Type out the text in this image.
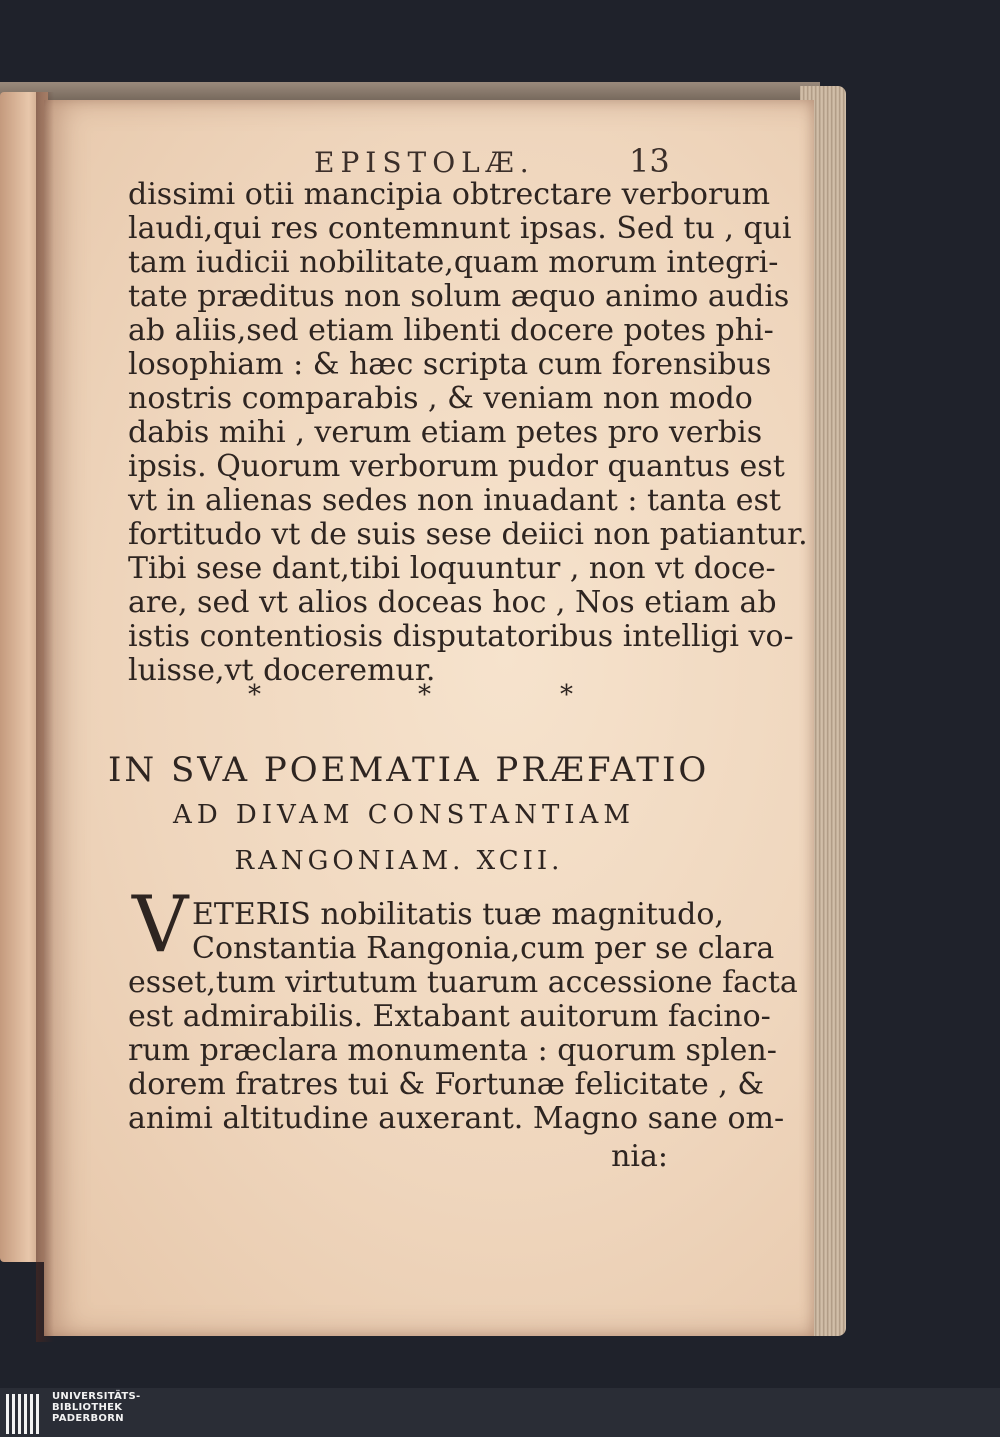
EPISTOLÆ.	13
dissimi otii mancipia obtrectare verborum
laudi,qui res contemnunt ipsas. Sed tu , qui
tam iudicii nobilitate,quam morum integri-
tate præditus non solum æquo animo audis
ab aliis,sed etiam libenti docere potes phi-
losophiam : & hæc scripta cum forensibus
nostris comparabis , & veniam non modo
dabis mihi , verum etiam petes pro verbis
ipsis. Quorum verborum pudor quantus est
vt in alienas sedes non inuadant : tanta est
fortitudo vt de suis sese deiici non patiantur.
Tibi sese dant,tibi loquuntur , non vt doce-
are, sed vt alios doceas hoc , Nos etiam ab
istis contentiosis disputatoribus intelligi vo-
luisse,vt doceremur.
*	*	*
IN SVA POEMATIA PRÆFATIO
AD DIVAM CONSTANTIAM
RANGONIAM. XCII.
V ETERIS nobilitatis tuæ magnitudo,
Constantia Rangonia,cum per se clara
esset,tum virtutum tuarum accessione facta
est admirabilis. Extabant auitorum facino-
rum præclara monumenta : quorum splen-
dorem fratres tui & Fortunæ felicitate , &
animi altitudine auxerant. Magno sane om-
nia:
UNIVERSITÄTS-
BIBLIOTHEK
PADERBORN
